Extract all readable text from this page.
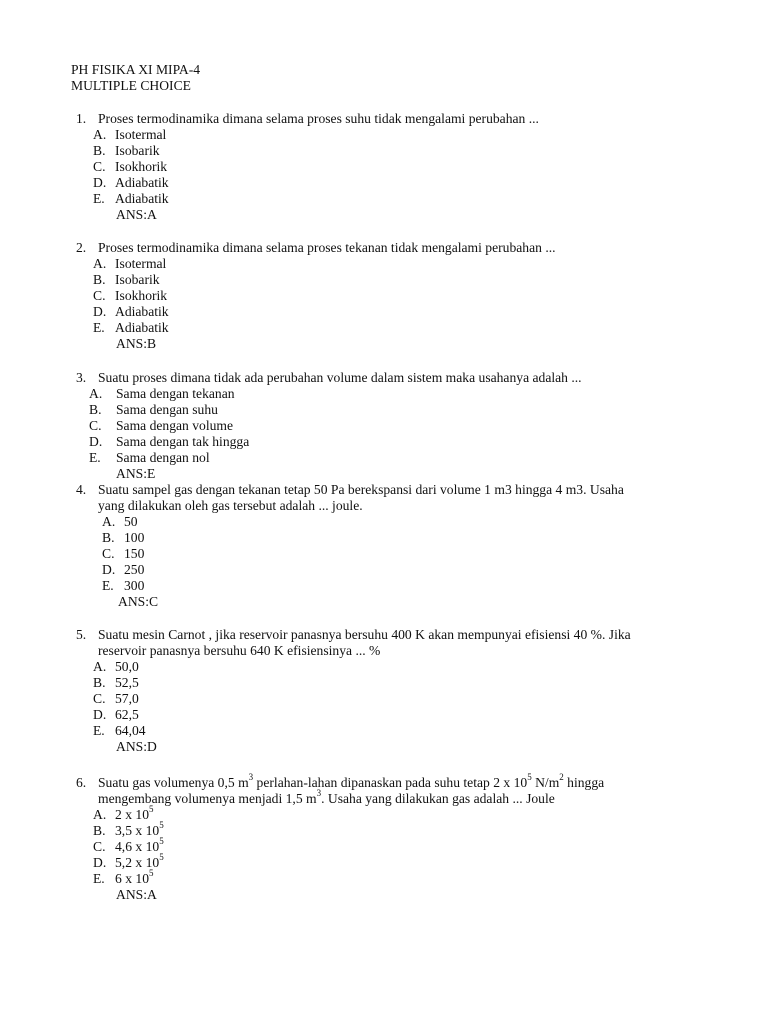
PH FISIKA XI MIPA-4
MULTIPLE CHOICE
1. Proses termodinamika dimana selama proses suhu tidak mengalami perubahan ...
A. Isotermal
B. Isobarik
C. Isokhorik
D. Adiabatik
E. Adiabatik
ANS:A
2. Proses termodinamika dimana selama proses tekanan tidak mengalami perubahan ...
A. Isotermal
B. Isobarik
C. Isokhorik
D. Adiabatik
E. Adiabatik
ANS:B
3. Suatu proses dimana tidak ada perubahan volume dalam sistem maka usahanya adalah ...
A. Sama dengan tekanan
B. Sama dengan suhu
C. Sama dengan volume
D. Sama dengan tak hingga
E. Sama dengan nol
ANS:E
4. Suatu sampel gas dengan tekanan tetap 50 Pa berekspansi dari volume 1 m3 hingga 4 m3. Usaha
yang dilakukan oleh gas tersebut adalah ... joule.
A. 50
B. 100
C. 150
D. 250
E. 300
ANS:C
5. Suatu mesin Carnot , jika reservoir panasnya bersuhu 400 K akan mempunyai efisiensi 40 %. Jika
reservoir panasnya bersuhu 640 K efisiensinya ... %
A. 50,0
B. 52,5
C. 57,0
D. 62,5
E. 64,04
ANS:D
6. Suatu gas volumenya 0,5 $m^3$ perlahan-lahan dipanaskan pada suhu tetap 2 x $10^5$ $N/m^2$ hingga
mengembang volumenya menjadi 1,5 $m^3$. Usaha yang dilakukan gas adalah ... Joule
A. 2 x $10^5$
B. 3,5 x $10^5$
C. 4,6 x $10^5$
D. 5,2 x $10^5$
E. 6 x $10^5$
ANS:A
